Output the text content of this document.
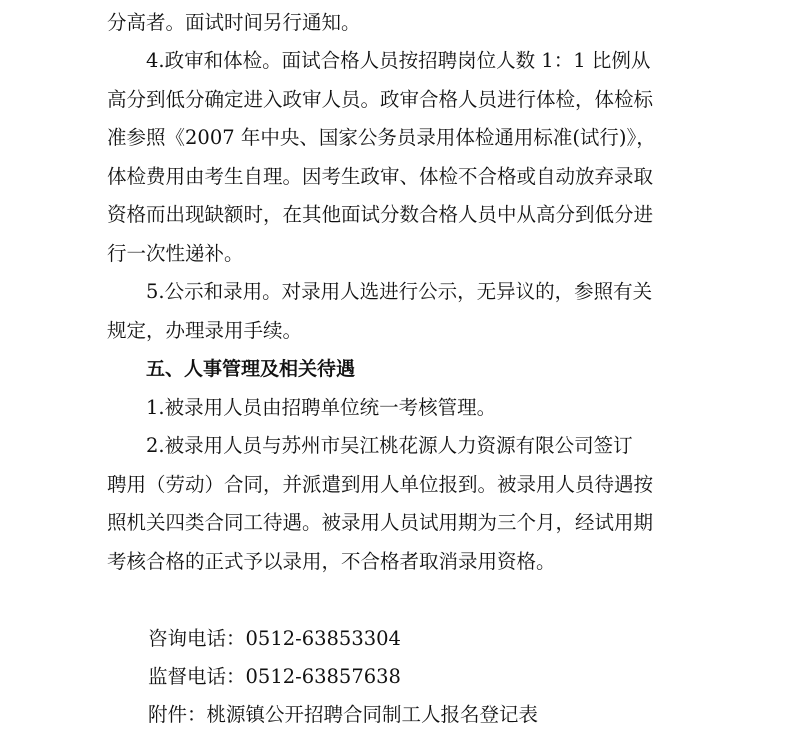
分高者。面试时间另行通知。
4.政审和体检。面试合格人员按招聘岗位人数 1：1 比例从
高分到低分确定进入政审人员。政审合格人员进行体检，体检标
准参照《2007 年中央、国家公务员录用体检通用标准(试行)》，
体检费用由考生自理。因考生政审、体检不合格或自动放弃录取
资格而出现缺额时，在其他面试分数合格人员中从高分到低分进
行一次性递补。
5.公示和录用。对录用人选进行公示，无异议的，参照有关
规定，办理录用手续。
五、人事管理及相关待遇
1.被录用人员由招聘单位统一考核管理。
2.被录用人员与苏州市吴江桃花源人力资源有限公司签订
聘用（劳动）合同，并派遣到用人单位报到。被录用人员待遇按
照机关四类合同工待遇。被录用人员试用期为三个月，经试用期
考核合格的正式予以录用，不合格者取消录用资格。
咨询电话：0512-63853304
监督电话：0512-63857638
附件：桃源镇公开招聘合同制工人报名登记表
